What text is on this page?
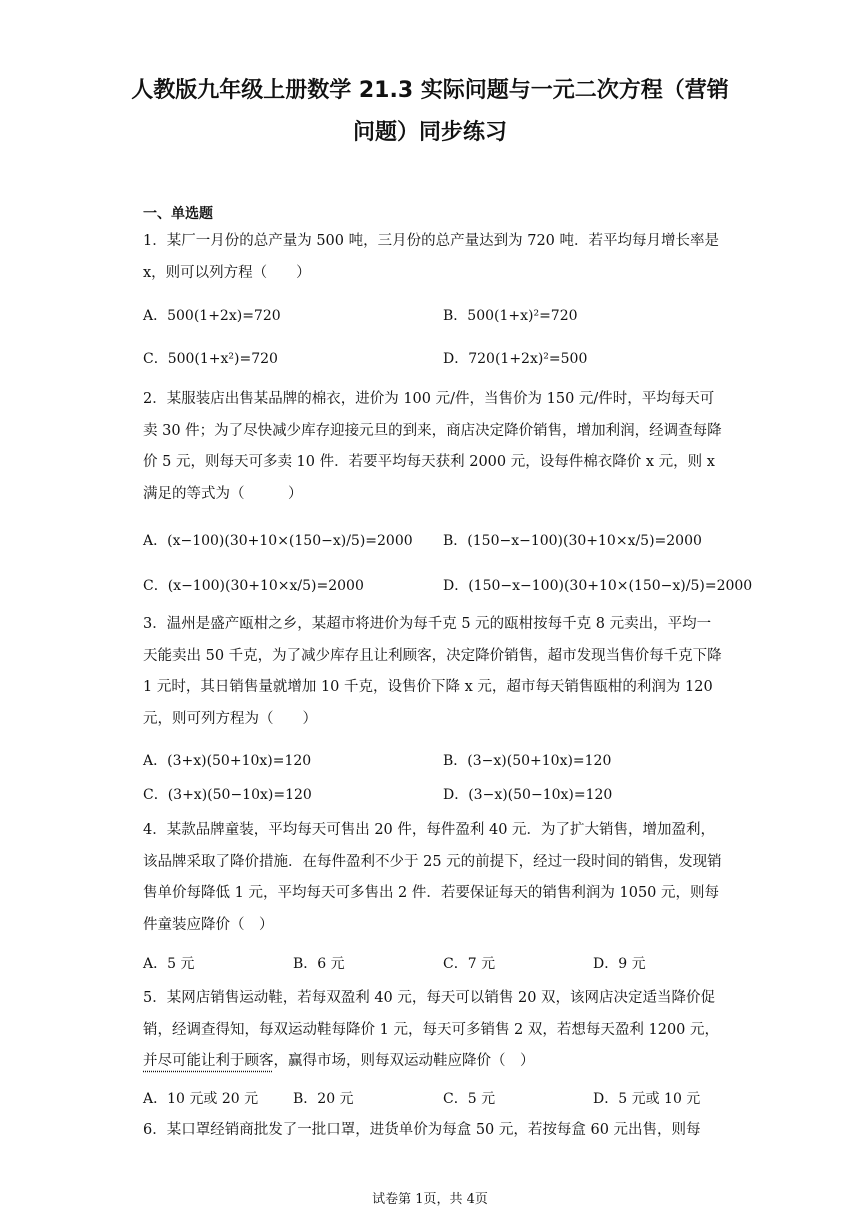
人教版九年级上册数学 21.3 实际问题与一元二次方程（营销
问题）同步练习
一、单选题
1．某厂一月份的总产量为 500 吨，三月份的总产量达到为 720 吨．若平均每月增长率是 x，则可以列方程（　　）
A．500(1+2x)=720	B．500(1+x)²=720
C．500(1+x²)=720	D．720(1+2x)²=500
2．某服装店出售某品牌的棉衣，进价为 100 元/件，当售价为 150 元/件时，平均每天可卖 30 件；为了尽快减少库存迎接元旦的到来，商店决定降价销售，增加利润，经调查每降价 5 元，则每天可多卖 10 件．若要平均每天获利 2000 元，设每件棉衣降价 x 元，则 x 满足的等式为（　　　）
A．(x−100)(30+10×(150−x)/5)=2000	B．(150−x−100)(30+10×x/5)=2000
C．(x−100)(30+10×x/5)=2000	D．(150−x−100)(30+10×(150−x)/5)=2000
3．温州是盛产瓯柑之乡，某超市将进价为每千克 5 元的瓯柑按每千克 8 元卖出，平均一天能卖出 50 千克，为了减少库存且让利顾客，决定降价销售，超市发现当售价每千克下降 1 元时，其日销售量就增加 10 千克，设售价下降 x 元，超市每天销售瓯柑的利润为 120 元，则可列方程为（　　）
A．(3+x)(50+10x)=120	B．(3−x)(50+10x)=120
C．(3+x)(50−10x)=120	D．(3−x)(50−10x)=120
4．某款品牌童装，平均每天可售出 20 件，每件盈利 40 元．为了扩大销售，增加盈利，该品牌采取了降价措施．在每件盈利不少于 25 元的前提下，经过一段时间的销售，发现销售单价每降低 1 元，平均每天可多售出 2 件．若要保证每天的销售利润为 1050 元，则每件童装应降价（　）
A．5 元	B．6 元	C．7 元	D．9 元
5．某网店销售运动鞋，若每双盈利 40 元，每天可以销售 20 双，该网店决定适当降价促销，经调查得知，每双运动鞋每降价 1 元，每天可多销售 2 双，若想每天盈利 1200 元，并尽可能让利于顾客，赢得市场，则每双运动鞋应降价（　）
A．10 元或 20 元	B．20 元	C．5 元	D．5 元或 10 元
6．某口罩经销商批发了一批口罩，进货单价为每盒 50 元，若按每盒 60 元出售，则每
试卷第 1页，共 4页
